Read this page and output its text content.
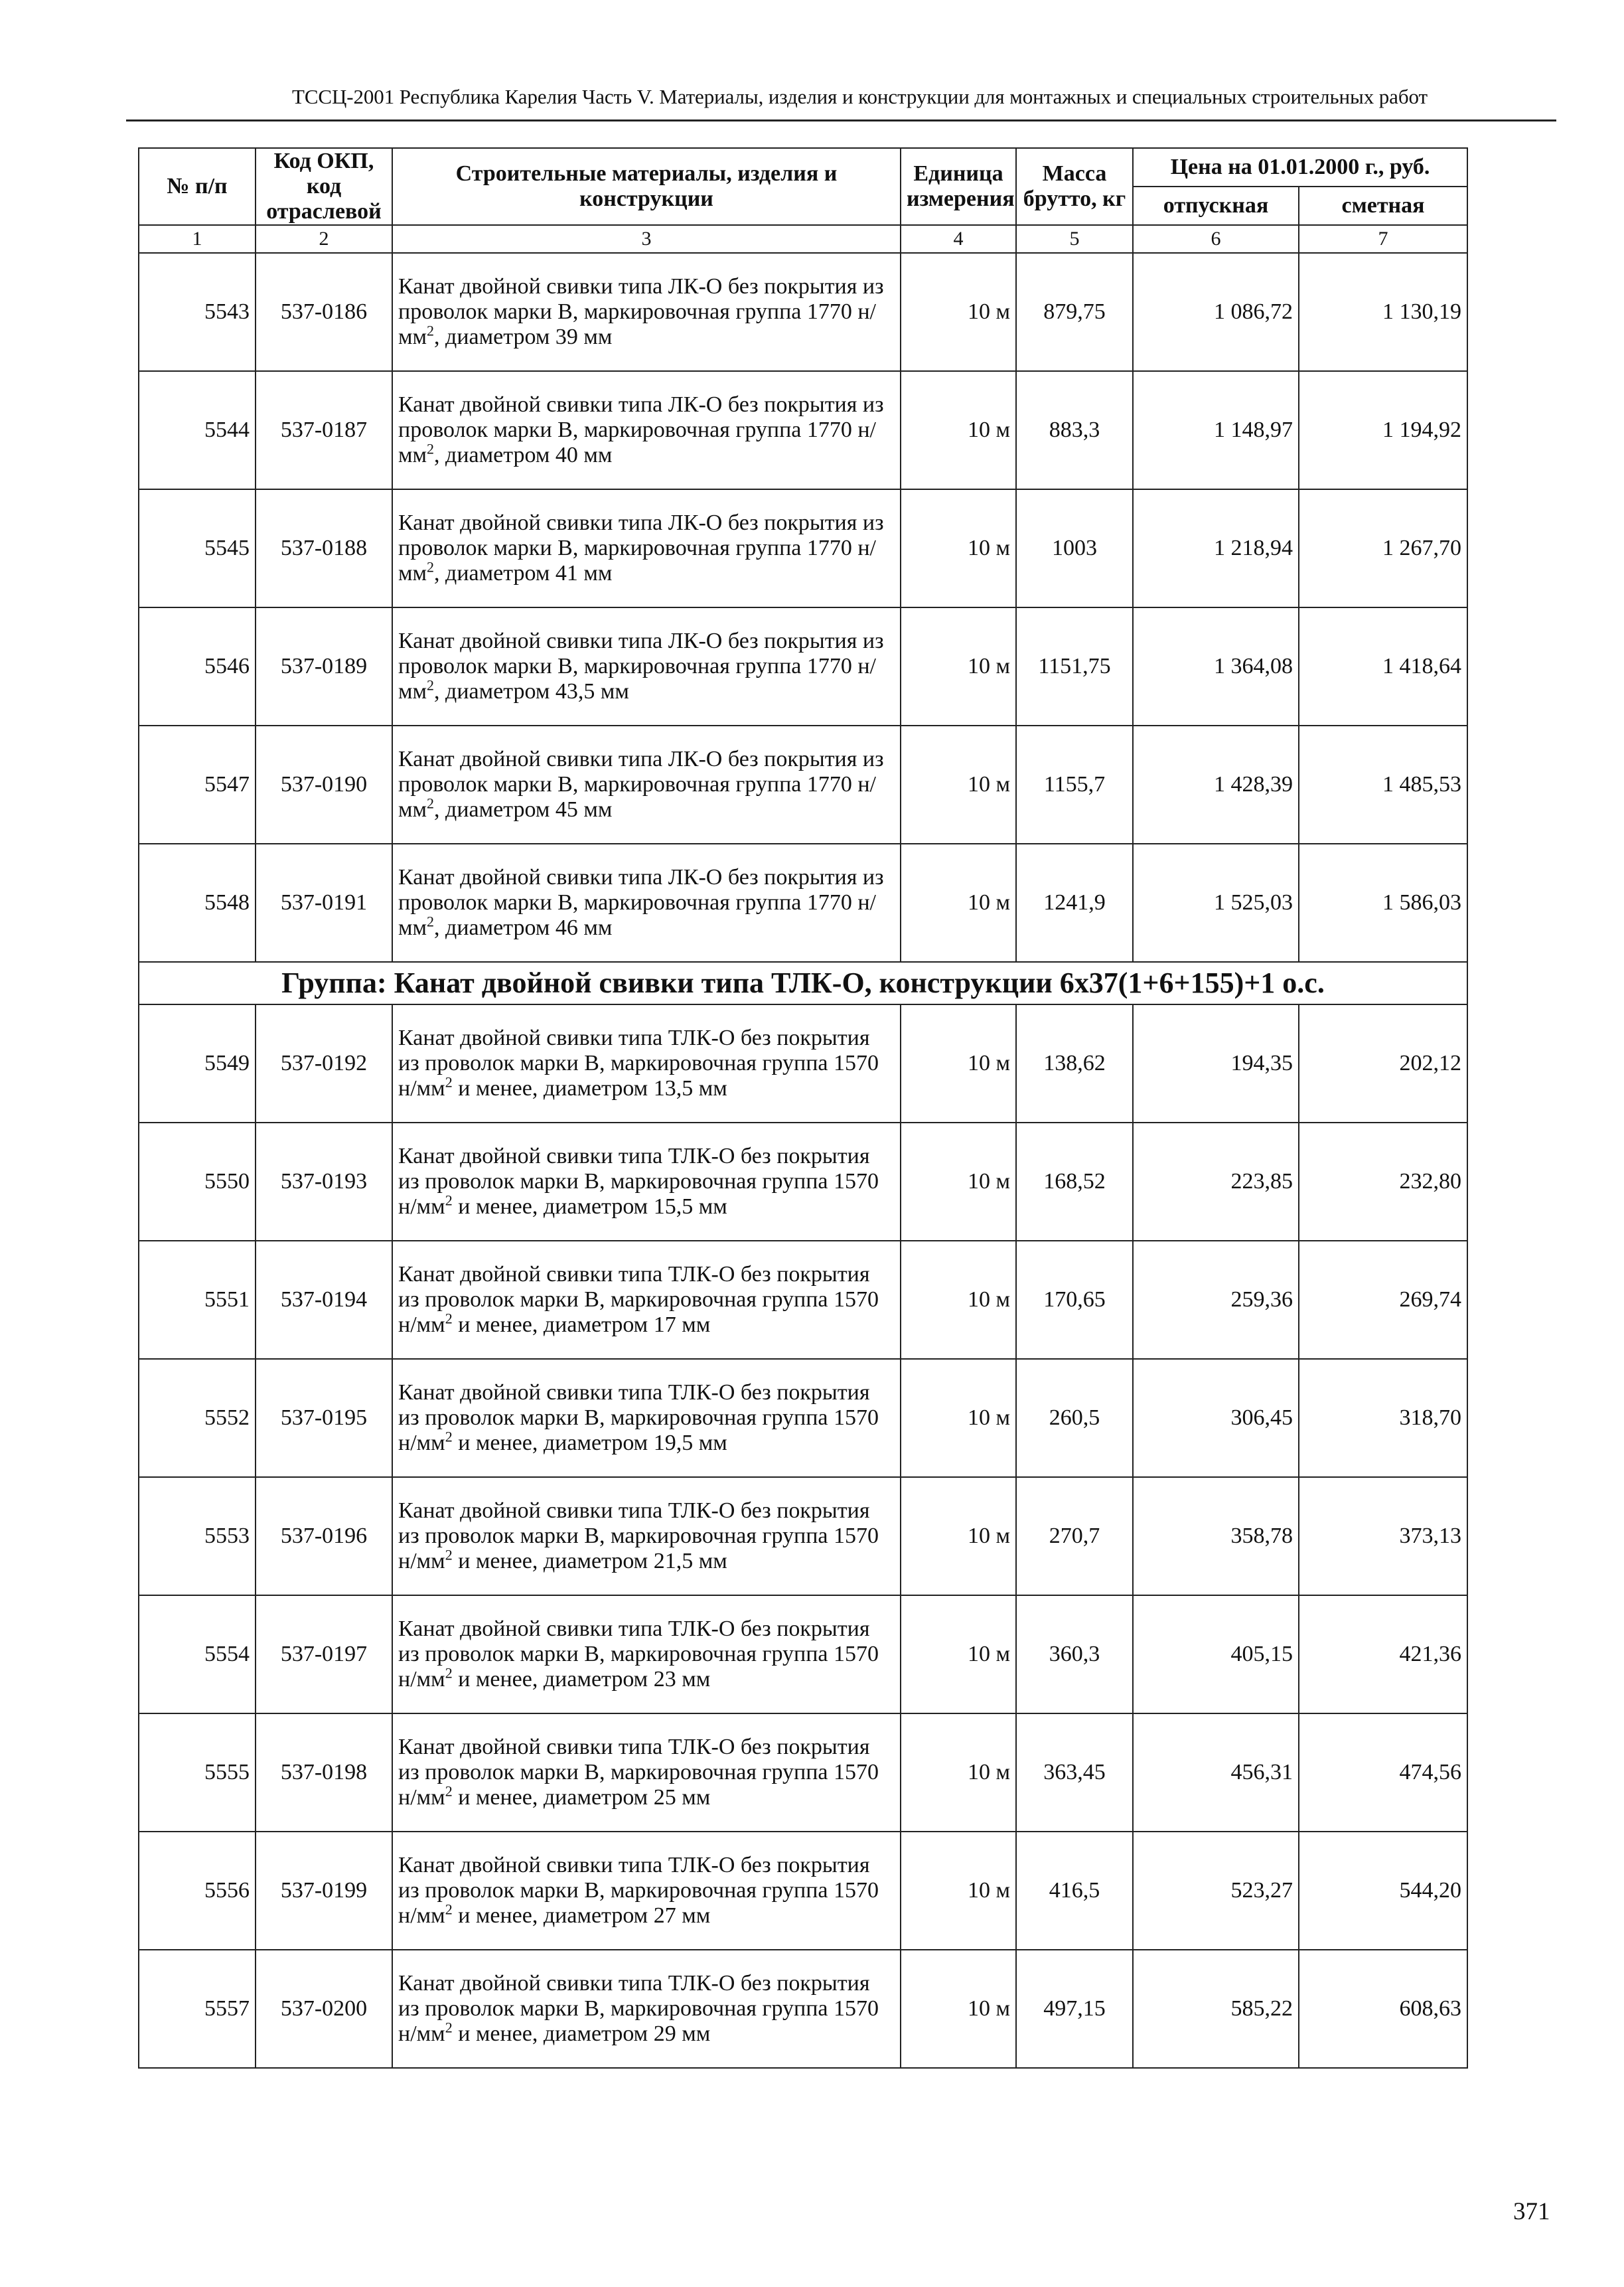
ТССЦ-2001 Республика Карелия Часть V. Материалы, изделия и конструкции для монтажных и специальных строительных работ
№ п/п	Код ОКП, код отраслевой	Строительные материалы, изделия и конструкции	Единица измерения	Масса брутто, кг	Цена на 01.01.2000 г., руб.	
					отпускная	сметная
1	2	3	4	5	6	7
5543	537-0186	Канат двойной свивки типа ЛК-О без покрытия из проволок марки В, маркировочная группа 1770 $н/мм^2$, диаметром 39 мм	10 м	879,75	1 086,72	1 130,19
5544	537-0187	Канат двойной свивки типа ЛК-О без покрытия из проволок марки В, маркировочная группа 1770 $н/мм^2$, диаметром 40 мм	10 м	883,3	1 148,97	1 194,92
5545	537-0188	Канат двойной свивки типа ЛК-О без покрытия из проволок марки В, маркировочная группа 1770 $н/мм^2$, диаметром 41 мм	10 м	1003	1 218,94	1 267,70
5546	537-0189	Канат двойной свивки типа ЛК-О без покрытия из проволок марки В, маркировочная группа 1770 $н/мм^2$, диаметром 43,5 мм	10 м	1151,75	1 364,08	1 418,64
5547	537-0190	Канат двойной свивки типа ЛК-О без покрытия из проволок марки В, маркировочная группа 1770 $н/мм^2$, диаметром 45 мм	10 м	1155,7	1 428,39	1 485,53
5548	537-0191	Канат двойной свивки типа ЛК-О без покрытия из проволок марки В, маркировочная группа 1770 $н/мм^2$, диаметром 46 мм	10 м	1241,9	1 525,03	1 586,03
Группа: Канат двойной свивки типа ТЛК-О, конструкции 6х37(1+6+155)+1 о.с.						
5549	537-0192	Канат двойной свивки типа ТЛК-О без покрытия из проволок марки В, маркировочная группа 1570 $н/мм^2$ и менее, диаметром 13,5 мм	10 м	138,62	194,35	202,12
5550	537-0193	Канат двойной свивки типа ТЛК-О без покрытия из проволок марки В, маркировочная группа 1570 $н/мм^2$ и менее, диаметром 15,5 мм	10 м	168,52	223,85	232,80
5551	537-0194	Канат двойной свивки типа ТЛК-О без покрытия из проволок марки В, маркировочная группа 1570 $н/мм^2$ и менее, диаметром 17 мм	10 м	170,65	259,36	269,74
5552	537-0195	Канат двойной свивки типа ТЛК-О без покрытия из проволок марки В, маркировочная группа 1570 $н/мм^2$ и менее, диаметром 19,5 мм	10 м	260,5	306,45	318,70
5553	537-0196	Канат двойной свивки типа ТЛК-О без покрытия из проволок марки В, маркировочная группа 1570 $н/мм^2$ и менее, диаметром 21,5 мм	10 м	270,7	358,78	373,13
5554	537-0197	Канат двойной свивки типа ТЛК-О без покрытия из проволок марки В, маркировочная группа 1570 $н/мм^2$ и менее, диаметром 23 мм	10 м	360,3	405,15	421,36
5555	537-0198	Канат двойной свивки типа ТЛК-О без покрытия из проволок марки В, маркировочная группа 1570 $н/мм^2$ и менее, диаметром 25 мм	10 м	363,45	456,31	474,56
5556	537-0199	Канат двойной свивки типа ТЛК-О без покрытия из проволок марки В, маркировочная группа 1570 $н/мм^2$ и менее, диаметром 27 мм	10 м	416,5	523,27	544,20
5557	537-0200	Канат двойной свивки типа ТЛК-О без покрытия из проволок марки В, маркировочная группа 1570 $н/мм^2$ и менее, диаметром 29 мм	10 м	497,15	585,22	608,63
371
